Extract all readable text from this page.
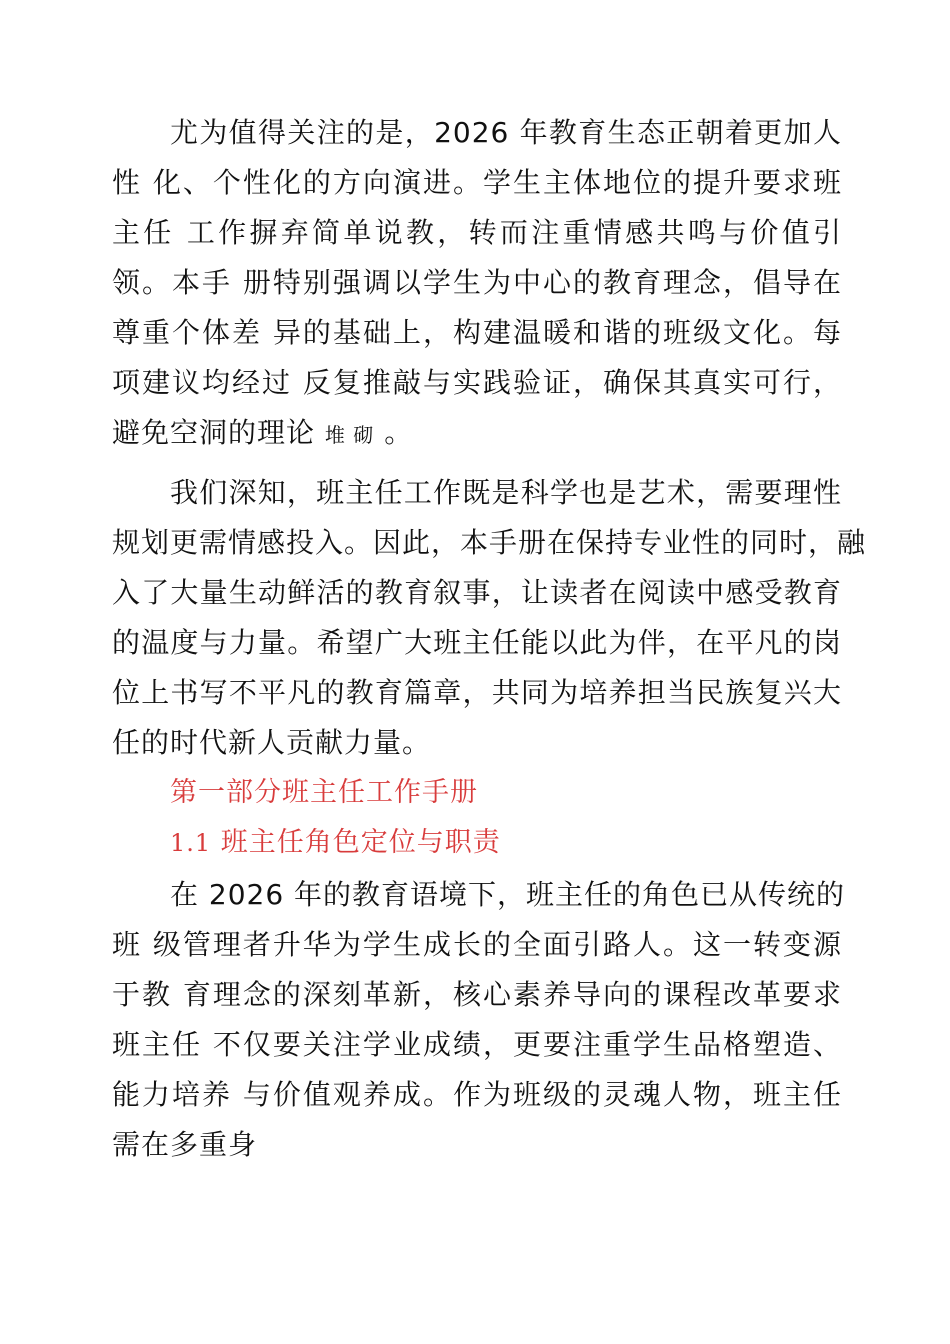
尤为值得关注的是，2026 年教育生态正朝着更加人
性 化、个性化的方向演进。学生主体地位的提升要求班
主任 工作摒弃简单说教，转而注重情感共鸣与价值引
领。本手 册特别强调以学生为中心的教育理念，倡导在
尊重个体差 异的基础上，构建温暖和谐的班级文化。每
项建议均经过 反复推敲与实践验证，确保其真实可行，
避免空洞的理论 堆 砌 。
我们深知，班主任工作既是科学也是艺术，需要理性
规划更需情感投入。因此，本手册在保持专业性的同时，融
入了大量生动鲜活的教育叙事，让读者在阅读中感受教育
的温度与力量。希望广大班主任能以此为伴，在平凡的岗
位上书写不平凡的教育篇章，共同为培养担当民族复兴大
任的时代新人贡献力量。
第一部分班主任工作手册
1.1 班主任角色定位与职责
在 2026 年的教育语境下，班主任的角色已从传统的
班 级管理者升华为学生成长的全面引路人。这一转变源
于教 育理念的深刻革新，核心素养导向的课程改革要求
班主任 不仅要关注学业成绩，更要注重学生品格塑造、
能力培养 与价值观养成。作为班级的灵魂人物，班主任
需在多重身
